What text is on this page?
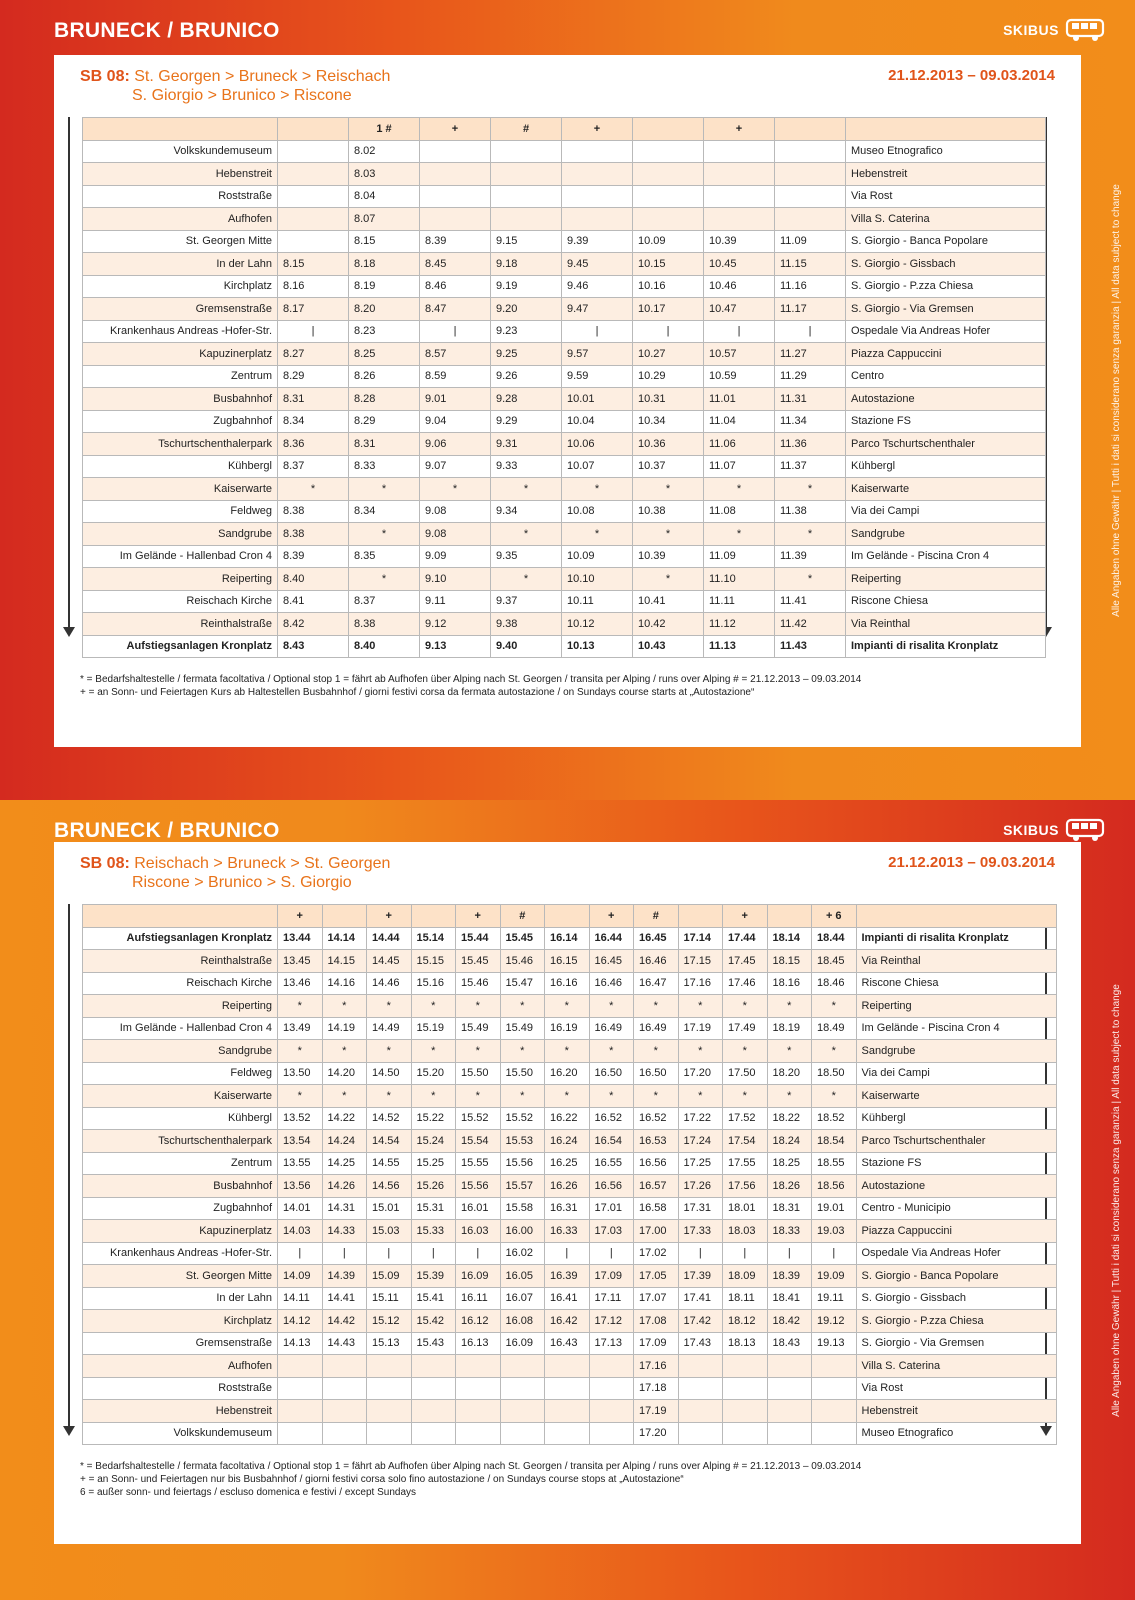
BRUNECK / BRUNICO	SKIBUS
Alle Angaben ohne Gewähr | Tutti i dati si considerano senza garanzia | All data subject to change
SB 08: St. Georgen > Bruneck > Reischach
S. Giorgio > Brunico > Riscone
21.12.2013 – 09.03.2014
		1 #	+	#	+		+		
Volkskundemuseum		8.02							Museo Etnografico
Hebenstreit		8.03							Hebenstreit
Roststraße		8.04							Via Rost
Aufhofen		8.07							Villa S. Caterina
St. Georgen Mitte		8.15	8.39	9.15	9.39	10.09	10.39	11.09	S. Giorgio - Banca Popolare
In der Lahn	8.15	8.18	8.45	9.18	9.45	10.15	10.45	11.15	S. Giorgio - Gissbach
Kirchplatz	8.16	8.19	8.46	9.19	9.46	10.16	10.46	11.16	S. Giorgio - P.zza Chiesa
Gremsenstraße	8.17	8.20	8.47	9.20	9.47	10.17	10.47	11.17	S. Giorgio - Via Gremsen
Krankenhaus Andreas -Hofer-Str.	|	8.23	|	9.23	|	|	|	|	Ospedale Via Andreas Hofer
Kapuzinerplatz	8.27	8.25	8.57	9.25	9.57	10.27	10.57	11.27	Piazza Cappuccini
Zentrum	8.29	8.26	8.59	9.26	9.59	10.29	10.59	11.29	Centro
Busbahnhof	8.31	8.28	9.01	9.28	10.01	10.31	11.01	11.31	Autostazione
Zugbahnhof	8.34	8.29	9.04	9.29	10.04	10.34	11.04	11.34	Stazione FS
Tschurtschenthalerpark	8.36	8.31	9.06	9.31	10.06	10.36	11.06	11.36	Parco Tschurtschenthaler
Kühbergl	8.37	8.33	9.07	9.33	10.07	10.37	11.07	11.37	Kühbergl
Kaiserwarte	*	*	*	*	*	*	*	*	Kaiserwarte
Feldweg	8.38	8.34	9.08	9.34	10.08	10.38	11.08	11.38	Via dei Campi
Sandgrube	8.38	*	9.08	*	*	*	*	*	Sandgrube
Im Gelände - Hallenbad Cron 4	8.39	8.35	9.09	9.35	10.09	10.39	11.09	11.39	Im Gelände - Piscina Cron 4
Reiperting	8.40	*	9.10	*	10.10	*	11.10	*	Reiperting
Reischach Kirche	8.41	8.37	9.11	9.37	10.11	10.41	11.11	11.41	Riscone Chiesa
Reinthalstraße	8.42	8.38	9.12	9.38	10.12	10.42	11.12	11.42	Via Reinthal
Aufstiegsanlagen Kronplatz	8.43	8.40	9.13	9.40	10.13	10.43	11.13	11.43	Impianti di risalita Kronplatz

* = Bedarfshaltestelle / fermata facoltativa / Optional stop 1 = fährt ab Aufhofen über Alping nach St. Georgen / transita per Alping / runs over Alping # = 21.12.2013 – 09.03.2014

+ = an Sonn- und Feiertagen Kurs ab Haltestellen Busbahnhof / giorni festivi corsa da fermata autostazione / on Sundays course starts at „Autostazione“

BRUNECK / BRUNICO	SKIBUS
Alle Angaben ohne Gewähr | Tutti i dati si considerano senza garanzia | All data subject to change
SB 08: Reischach > Bruneck > St. Georgen
Riscone > Brunico > S. Giorgio
21.12.2013 – 09.03.2014
	+		+		+	#		+	#		+		+ 6	
Aufstiegsanlagen Kronplatz	13.44	14.14	14.44	15.14	15.44	15.45	16.14	16.44	16.45	17.14	17.44	18.14	18.44	Impianti di risalita Kronplatz
Reinthalstraße	13.45	14.15	14.45	15.15	15.45	15.46	16.15	16.45	16.46	17.15	17.45	18.15	18.45	Via Reinthal
Reischach Kirche	13.46	14.16	14.46	15.16	15.46	15.47	16.16	16.46	16.47	17.16	17.46	18.16	18.46	Riscone Chiesa
Reiperting	*	*	*	*	*	*	*	*	*	*	*	*	*	Reiperting
Im Gelände - Hallenbad Cron 4	13.49	14.19	14.49	15.19	15.49	15.49	16.19	16.49	16.49	17.19	17.49	18.19	18.49	Im Gelände - Piscina Cron 4
Sandgrube	*	*	*	*	*	*	*	*	*	*	*	*	*	Sandgrube
Feldweg	13.50	14.20	14.50	15.20	15.50	15.50	16.20	16.50	16.50	17.20	17.50	18.20	18.50	Via dei Campi
Kaiserwarte	*	*	*	*	*	*	*	*	*	*	*	*	*	Kaiserwarte
Kühbergl	13.52	14.22	14.52	15.22	15.52	15.52	16.22	16.52	16.52	17.22	17.52	18.22	18.52	Kühbergl
Tschurtschenthalerpark	13.54	14.24	14.54	15.24	15.54	15.53	16.24	16.54	16.53	17.24	17.54	18.24	18.54	Parco Tschurtschenthaler
Zentrum	13.55	14.25	14.55	15.25	15.55	15.56	16.25	16.55	16.56	17.25	17.55	18.25	18.55	Stazione FS
Busbahnhof	13.56	14.26	14.56	15.26	15.56	15.57	16.26	16.56	16.57	17.26	17.56	18.26	18.56	Autostazione
Zugbahnhof	14.01	14.31	15.01	15.31	16.01	15.58	16.31	17.01	16.58	17.31	18.01	18.31	19.01	Centro - Municipio
Kapuzinerplatz	14.03	14.33	15.03	15.33	16.03	16.00	16.33	17.03	17.00	17.33	18.03	18.33	19.03	Piazza Cappuccini
Krankenhaus Andreas -Hofer-Str.	|	|	|	|	|	16.02	|	|	17.02	|	|	|	|	Ospedale Via Andreas Hofer
St. Georgen Mitte	14.09	14.39	15.09	15.39	16.09	16.05	16.39	17.09	17.05	17.39	18.09	18.39	19.09	S. Giorgio - Banca Popolare
In der Lahn	14.11	14.41	15.11	15.41	16.11	16.07	16.41	17.11	17.07	17.41	18.11	18.41	19.11	S. Giorgio - Gissbach
Kirchplatz	14.12	14.42	15.12	15.42	16.12	16.08	16.42	17.12	17.08	17.42	18.12	18.42	19.12	S. Giorgio - P.zza Chiesa
Gremsenstraße	14.13	14.43	15.13	15.43	16.13	16.09	16.43	17.13	17.09	17.43	18.13	18.43	19.13	S. Giorgio - Via Gremsen
Aufhofen									17.16					Villa S. Caterina
Roststraße									17.18					Via Rost
Hebenstreit									17.19					Hebenstreit
Volkskundemuseum									17.20					Museo Etnografico

* = Bedarfshaltestelle / fermata facoltativa / Optional stop 1 = fährt ab Aufhofen über Alping nach St. Georgen / transita per Alping / runs over Alping # = 21.12.2013 – 09.03.2014

+ = an Sonn- und Feiertagen nur bis Busbahnhof / giorni festivi corsa solo fino autostazione / on Sundays course stops at „Autostazione“

6 = außer sonn- und feiertags / escluso domenica e festivi / except Sundays
